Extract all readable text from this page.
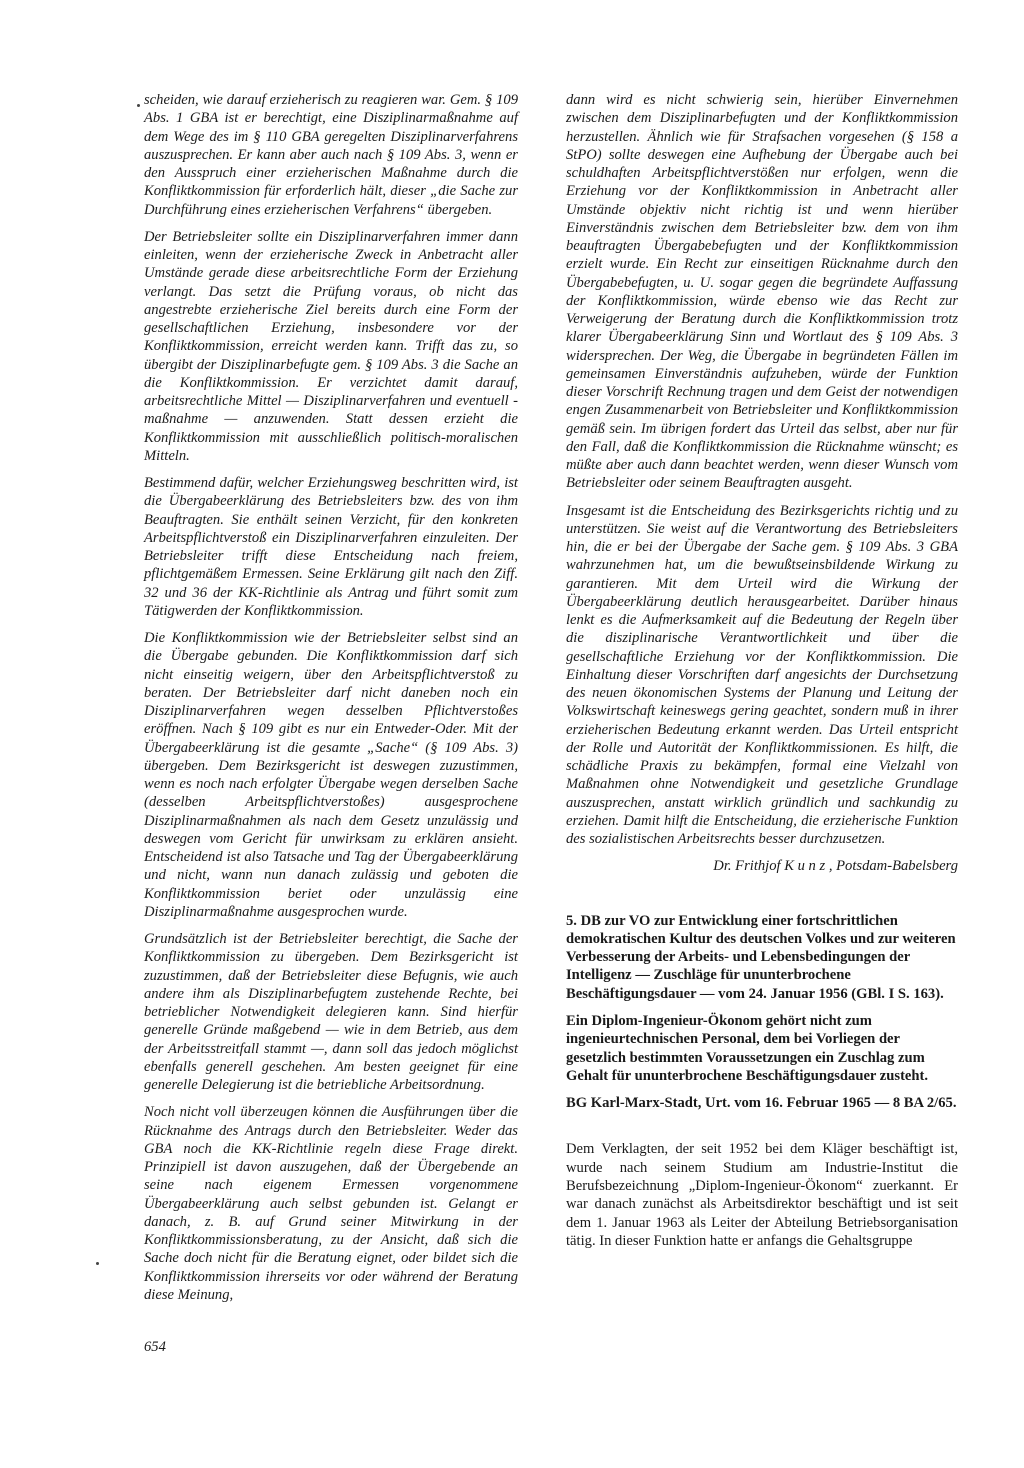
scheiden, wie darauf erzieherisch zu reagieren war. Gem. § 109 Abs. 1 GBA ist er berechtigt, eine Disziplinarmaßnahme auf dem Wege des im § 110 GBA geregelten Disziplinarverfahrens auszusprechen. Er kann aber auch nach § 109 Abs. 3, wenn er den Ausspruch einer erzieherischen Maßnahme durch die Konfliktkommission für erforderlich hält, dieser „die Sache zur Durchführung eines erzieherischen Verfahrens“ übergeben.

Der Betriebsleiter sollte ein Disziplinarverfahren immer dann einleiten, wenn der erzieherische Zweck in Anbetracht aller Umstände gerade diese arbeitsrechtliche Form der Erziehung verlangt. Das setzt die Prüfung voraus, ob nicht das angestrebte erzieherische Ziel bereits durch eine Form der gesellschaftlichen Erziehung, insbesondere vor der Konfliktkommission, erreicht werden kann. Trifft das zu, so übergibt der Disziplinarbefugte gem. § 109 Abs. 3 die Sache an die Konfliktkommission. Er verzichtet damit darauf, arbeitsrechtliche Mittel — Disziplinarverfahren und eventuell -maßnahme — anzuwenden. Statt dessen erzieht die Konfliktkommission mit ausschließlich politisch-moralischen Mitteln.

Bestimmend dafür, welcher Erziehungsweg beschritten wird, ist die Übergabeerklärung des Betriebsleiters bzw. des von ihm Beauftragten. Sie enthält seinen Verzicht, für den konkreten Arbeitspflichtverstoß ein Disziplinarverfahren einzuleiten. Der Betriebsleiter trifft diese Entscheidung nach freiem, pflichtgemäßem Ermessen. Seine Erklärung gilt nach den Ziff. 32 und 36 der KK-Richtlinie als Antrag und führt somit zum Tätigwerden der Konfliktkommission.

Die Konfliktkommission wie der Betriebsleiter selbst sind an die Übergabe gebunden. Die Konfliktkommission darf sich nicht einseitig weigern, über den Arbeitspflichtverstoß zu beraten. Der Betriebsleiter darf nicht daneben noch ein Disziplinarverfahren wegen desselben Pflichtverstoßes eröffnen. Nach § 109 gibt es nur ein Entweder-Oder. Mit der Übergabeerklärung ist die gesamte „Sache“ (§ 109 Abs. 3) übergeben. Dem Bezirksgericht ist deswegen zuzustimmen, wenn es noch nach erfolgter Übergabe wegen derselben Sache (desselben Arbeitspflichtverstoßes) ausgesprochene Disziplinarmaßnahmen als nach dem Gesetz unzulässig und deswegen vom Gericht für unwirksam zu erklären ansieht. Entscheidend ist also Tatsache und Tag der Übergabeerklärung und nicht, wann nun danach zulässig und geboten die Konfliktkommission beriet oder unzulässig eine Disziplinarmaßnahme ausgesprochen wurde.

Grundsätzlich ist der Betriebsleiter berechtigt, die Sache der Konfliktkommission zu übergeben. Dem Bezirksgericht ist zuzustimmen, daß der Betriebsleiter diese Befugnis, wie auch andere ihm als Disziplinarbefugtem zustehende Rechte, bei betrieblicher Notwendigkeit delegieren kann. Sind hierfür generelle Gründe maßgebend — wie in dem Betrieb, aus dem der Arbeitsstreitfall stammt —, dann soll das jedoch möglichst ebenfalls generell geschehen. Am besten geeignet für eine generelle Delegierung ist die betriebliche Arbeitsordnung.

Noch nicht voll überzeugen können die Ausführungen über die Rücknahme des Antrags durch den Betriebsleiter. Weder das GBA noch die KK-Richtlinie regeln diese Frage direkt. Prinzipiell ist davon auszugehen, daß der Übergebende an seine nach eigenem Ermessen vorgenommene Übergabeerklärung auch selbst gebunden ist. Gelangt er danach, z. B. auf Grund seiner Mitwirkung in der Konfliktkommissionsberatung, zu der Ansicht, daß sich die Sache doch nicht für die Beratung eignet, oder bildet sich die Konfliktkommission ihrerseits vor oder während der Beratung diese Meinung,

dann wird es nicht schwierig sein, hierüber Einvernehmen zwischen dem Disziplinarbefugten und der Konfliktkommission herzustellen. Ähnlich wie für Strafsachen vorgesehen (§ 158 a StPO) sollte deswegen eine Aufhebung der Übergabe auch bei schuldhaften Arbeitspflichtverstößen nur erfolgen, wenn die Erziehung vor der Konfliktkommission in Anbetracht aller Umstände objektiv nicht richtig ist und wenn hierüber Einverständnis zwischen dem Betriebsleiter bzw. dem von ihm beauftragten Übergabebefugten und der Konfliktkommission erzielt wurde. Ein Recht zur einseitigen Rücknahme durch den Übergabebefugten, u. U. sogar gegen die begründete Auffassung der Konfliktkommission, würde ebenso wie das Recht zur Verweigerung der Beratung durch die Konfliktkommission trotz klarer Übergabeerklärung Sinn und Wortlaut des § 109 Abs. 3 widersprechen. Der Weg, die Übergabe in begründeten Fällen im gemeinsamen Einverständnis aufzuheben, würde der Funktion dieser Vorschrift Rechnung tragen und dem Geist der notwendigen engen Zusammenarbeit von Betriebsleiter und Konfliktkommission gemäß sein. Im übrigen fordert das Urteil das selbst, aber nur für den Fall, daß die Konfliktkommission die Rücknahme wünscht; es müßte aber auch dann beachtet werden, wenn dieser Wunsch vom Betriebsleiter oder seinem Beauftragten ausgeht.

Insgesamt ist die Entscheidung des Bezirksgerichts richtig und zu unterstützen. Sie weist auf die Verantwortung des Betriebsleiters hin, die er bei der Übergabe der Sache gem. § 109 Abs. 3 GBA wahrzunehmen hat, um die bewußtseinsbildende Wirkung zu garantieren. Mit dem Urteil wird die Wirkung der Übergabeerklärung deutlich herausgearbeitet. Darüber hinaus lenkt es die Aufmerksamkeit auf die Bedeutung der Regeln über die disziplinarische Verantwortlichkeit und über die gesellschaftliche Erziehung vor der Konfliktkommission. Die Einhaltung dieser Vorschriften darf angesichts der Durchsetzung des neuen ökonomischen Systems der Planung und Leitung der Volkswirtschaft keineswegs gering geachtet, sondern muß in ihrer erzieherischen Bedeutung erkannt werden. Das Urteil entspricht der Rolle und Autorität der Konfliktkommissionen. Es hilft, die schädliche Praxis zu bekämpfen, formal eine Vielzahl von Maßnahmen ohne Notwendigkeit und gesetzliche Grundlage auszusprechen, anstatt wirklich gründlich und sachkundig zu erziehen. Damit hilft die Entscheidung, die erzieherische Funktion des sozialistischen Arbeitsrechts besser durchzusetzen.

Dr. Frithjof K u n z , Potsdam-Babelsberg

5. DB zur VO zur Entwicklung einer fortschrittlichen demokratischen Kultur des deutschen Volkes und zur weiteren Verbesserung der Arbeits- und Lebensbedingungen der Intelligenz — Zuschläge für ununterbrochene Beschäftigungsdauer — vom 24. Januar 1956 (GBl. I S. 163).

Ein Diplom-Ingenieur-Ökonom gehört nicht zum ingenieurtechnischen Personal, dem bei Vorliegen der gesetzlich bestimmten Voraussetzungen ein Zuschlag zum Gehalt für ununterbrochene Beschäftigungsdauer zusteht.

BG Karl-Marx-Stadt, Urt. vom 16. Februar 1965 — 8 BA 2/65.

Dem Verklagten, der seit 1952 bei dem Kläger beschäftigt ist, wurde nach seinem Studium am Industrie-Institut die Berufsbezeichnung „Diplom-Ingenieur-Ökonom“ zuerkannt. Er war danach zunächst als Arbeitsdirektor beschäftigt und ist seit dem 1. Januar 1963 als Leiter der Abteilung Betriebsorganisation tätig. In dieser Funktion hatte er anfangs die Gehaltsgruppe

654
